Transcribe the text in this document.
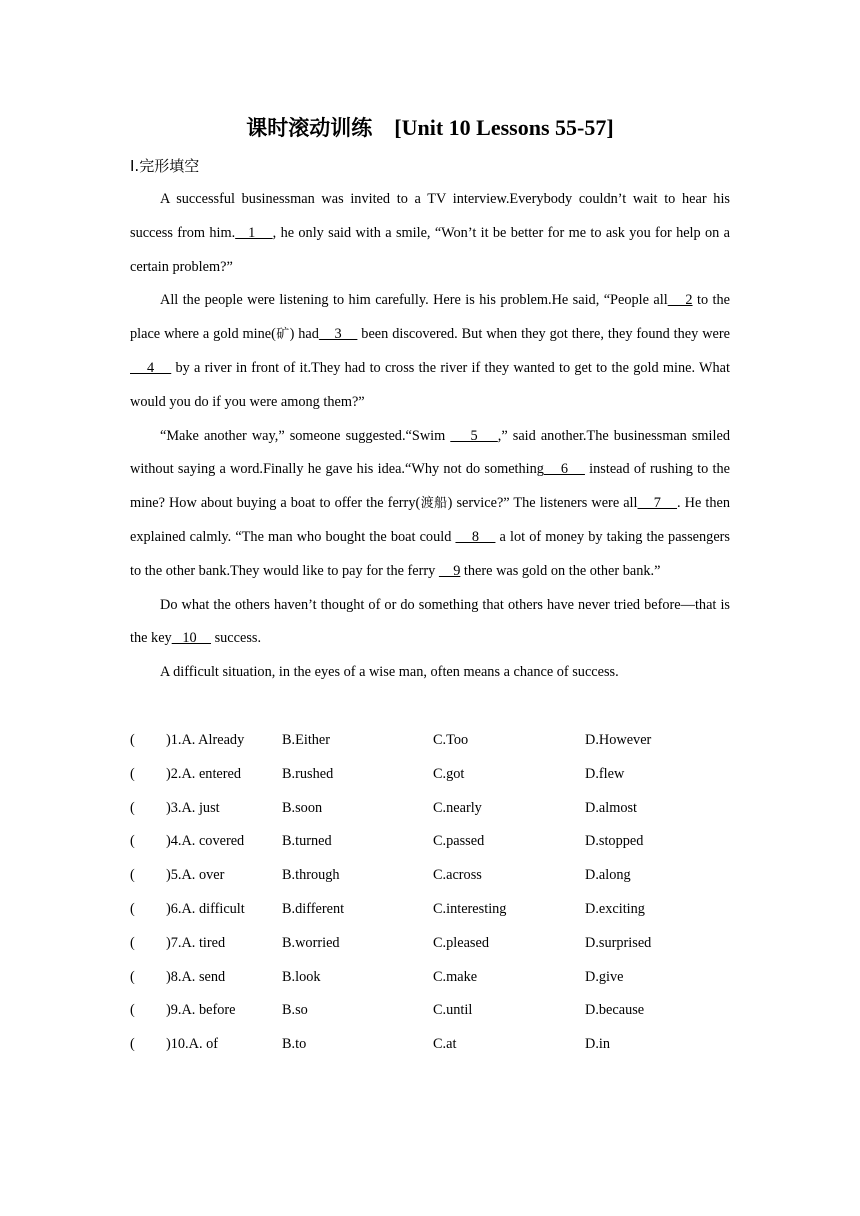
课时滚动训练 [Unit 10 Lessons 55-57]
Ⅰ.完形填空

A successful businessman was invited to a TV interview.Everybody couldn’t wait to hear his success from him.   1    , he only said with a smile, “Won’t it be better for me to ask you for help on a certain problem?”

All the people were listening to him carefully. Here is his problem.He said, “People all    2 to the place where a gold mine(矿) had    3     been discovered. But when they got there, they found they were    4     by a river in front of it.They had to cross the river if they wanted to get to the gold mine. What would you do if you were among them?”

“Make another way,” someone suggested.“Swim     5    ,” said another.The businessman smiled without saying a word.Finally he gave his idea.“Why not do something    6     instead of rushing to the mine? How about buying a boat to offer the ferry(渡船) service?” The listeners were all    7    . He then explained calmly. “The man who bought the boat could     8     a lot of money by taking the passengers to the other bank.They would like to pay for the ferry     9 there was gold on the other bank.”

Do what the others haven’t thought of or do something that others have never tried before—that is the key   10     success.

A difficult situation, in the eyes of a wise man, often means a chance of success.

( )1.A. Already	B.Either	C.Too	D.However
( )2.A. entered	B.rushed	C.got	D.flew
( )3.A. just	B.soon	C.nearly	D.almost
( )4.A. covered	B.turned	C.passed	D.stopped
( )5.A. over	B.through	C.across	D.along
( )6.A. difficult	B.different	C.interesting	D.exciting
( )7.A. tired	B.worried	C.pleased	D.surprised
( )8.A. send	B.look	C.make	D.give
( )9.A. before	B.so	C.until	D.because
( )10.A. of	B.to	C.at	D.in
